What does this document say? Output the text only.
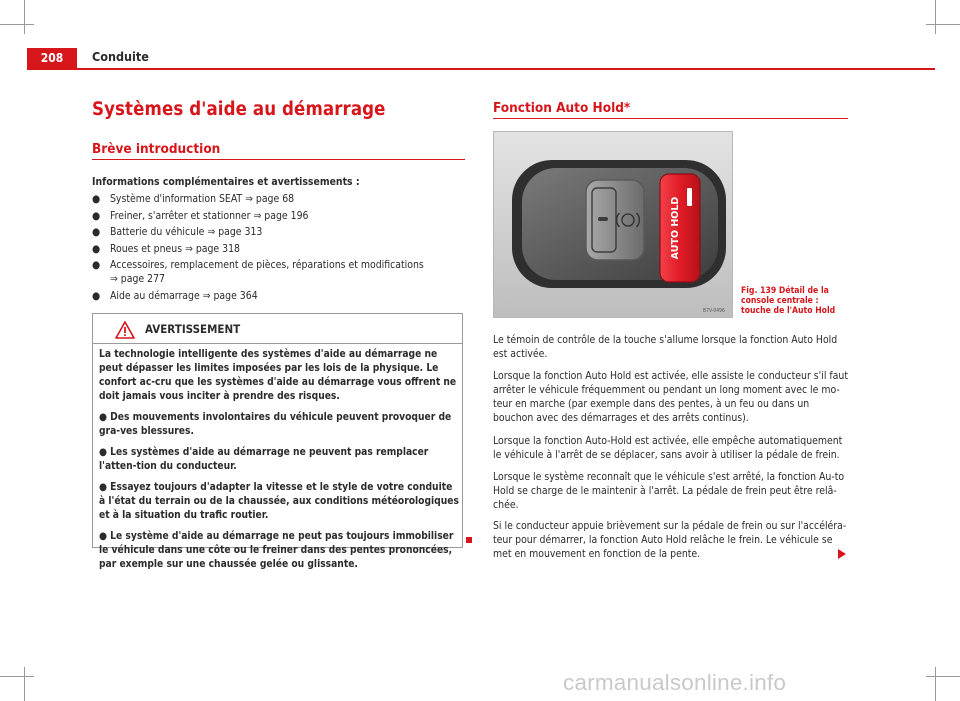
208	Conduite
Systèmes d'aide au démarrage
Brève introduction
Informations complémentaires et avertissements :
● Système d'information SEAT ⇒ page 68
● Freiner, s'arrêter et stationner ⇒ page 196
● Batterie du véhicule ⇒ page 313
● Roues et pneus ⇒ page 318
● Accessoires, remplacement de pièces, réparations et modifications
⇒ page 277
● Aide au démarrage ⇒ page 364
AVERTISSEMENT

La technologie intelligente des systèmes d'aide au démarrage ne peut dépasser les limites imposées par les lois de la physique. Le confort ac-cru que les systèmes d'aide au démarrage vous offrent ne doit jamais vous inciter à prendre des risques.

● Des mouvements involontaires du véhicule peuvent provoquer de gra-ves blessures.

● Les systèmes d'aide au démarrage ne peuvent pas remplacer l'atten-tion du conducteur.

● Essayez toujours d'adapter la vitesse et le style de votre conduite à l'état du terrain ou de la chaussée, aux conditions météorologiques et à la situation du trafic routier.

● Le système d'aide au démarrage ne peut pas toujours immobiliser le véhicule dans une côte ou le freiner dans des pentes prononcées, par exemple sur une chaussée gelée ou glissante.

Fonction Auto Hold*
AUTO HOLD
B7V-0496
Fig. 139 Détail de la console centrale : touche de l'Auto Hold

Le témoin de contrôle de la touche s'allume lorsque la fonction Auto Hold est activée.

Lorsque la fonction Auto Hold est activée, elle assiste le conducteur s'il faut arrêter le véhicule fréquemment ou pendant un long moment avec le mo-teur en marche (par exemple dans des pentes, à un feu ou dans un bouchon avec des démarrages et des arrêts continus).

Lorsque la fonction Auto-Hold est activée, elle empêche automatiquement le véhicule à l'arrêt de se déplacer, sans avoir à utiliser la pédale de frein.

Lorsque le système reconnaît que le véhicule s'est arrêté, la fonction Au-to Hold se charge de le maintenir à l'arrêt. La pédale de frein peut être relâ-chée.

Si le conducteur appuie brièvement sur la pédale de frein ou sur l'accéléra-teur pour démarrer, la fonction Auto Hold relâche le frein. Le véhicule se met en mouvement en fonction de la pente.

carmanualsonline.info
